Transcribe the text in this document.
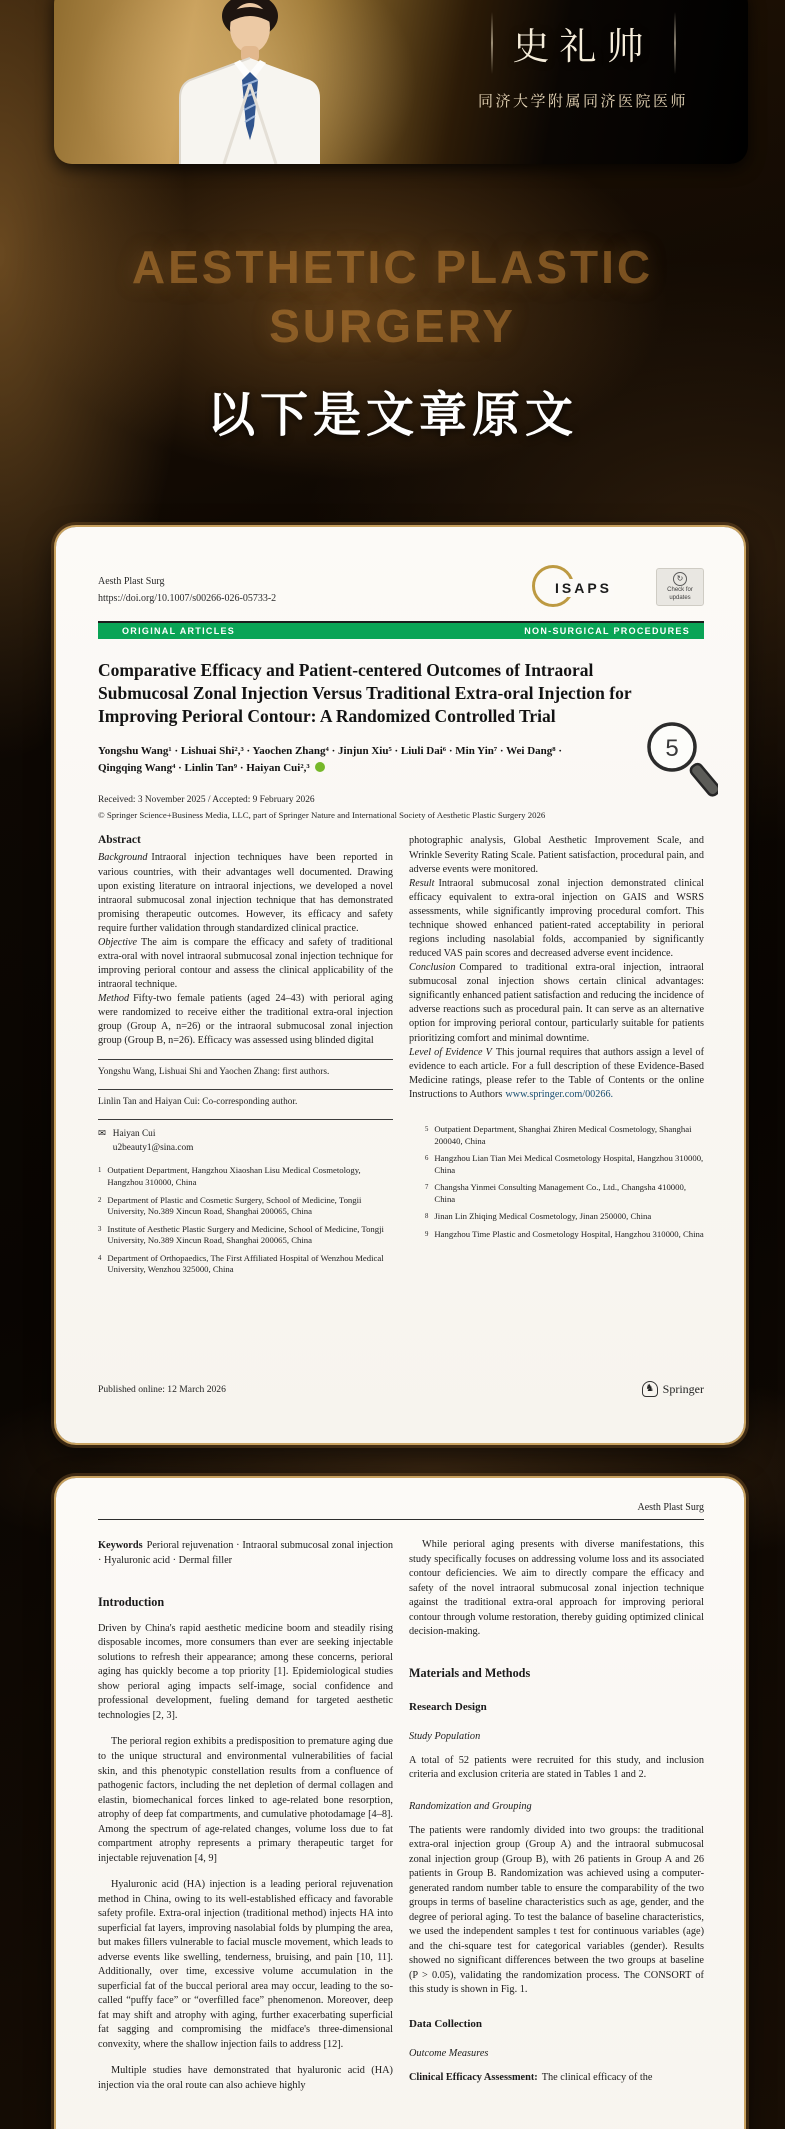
史礼帅
同济大学附属同济医院医师
AESTHETIC PLASTIC
SURGERY
以下是文章原文
Aesth Plast Surg
https://doi.org/10.1007/s00266-026-05733-2
ISAPS
↻
Check for
updates
ORIGINAL ARTICLES	NON-SURGICAL PROCEDURES
Comparative Efficacy and Patient-centered Outcomes of Intraoral Submucosal Zonal Injection Versus Traditional Extra-oral Injection for Improving Perioral Contour: A Randomized Controlled Trial
5

Yongshu Wang¹ · Lishuai Shi²,³ · Yaochen Zhang⁴ · Jinjun Xiu⁵ · Liuli Dai⁶ · Min Yin⁷ · Wei Dang⁸ · Qingqing Wang⁴ · Linlin Tan⁹ · Haiyan Cui²,³

Received: 3 November 2025 / Accepted: 9 February 2026
© Springer Science+Business Media, LLC, part of Springer Nature and International Society of Aesthetic Plastic Surgery 2026
Abstract

Background Intraoral injection techniques have been reported in various countries, with their advantages well documented. Drawing upon existing literature on intraoral injections, we developed a novel intraoral submucosal zonal injection technique that has demonstrated promising therapeutic outcomes. However, its efficacy and safety require further validation through standardized clinical practice.

Objective The aim is compare the efficacy and safety of traditional extra-oral with novel intraoral submucosal zonal injection technique for improving perioral contour and assess the clinical applicability of the intraoral technique.

Method Fifty-two female patients (aged 24–43) with perioral aging were randomized to receive either the traditional extra-oral injection group (Group A, n=26) or the intraoral submucosal zonal injection group (Group B, n=26). Efficacy was assessed using blinded digital

Yongshu Wang, Lishuai Shi and Yaochen Zhang: first authors.
Linlin Tan and Haiyan Cui: Co-corresponding author.
✉ Haiyan Cui
u2beauty1@sina.com
1 Outpatient Department, Hangzhou Xiaoshan Lisu Medical Cosmetology, Hangzhou 310000, China
2 Department of Plastic and Cosmetic Surgery, School of Medicine, Tongii University, No.389 Xincun Road, Shanghai 200065, China
3 Institute of Aesthetic Plastic Surgery and Medicine, School of Medicine, Tongji University, No.389 Xincun Road, Shanghai 200065, China
4 Department of Orthopaedics, The First Affiliated Hospital of Wenzhou Medical University, Wenzhou 325000, China

photographic analysis, Global Aesthetic Improvement Scale, and Wrinkle Severity Rating Scale. Patient satisfaction, procedural pain, and adverse events were monitored.

Result Intraoral submucosal zonal injection demonstrated clinical efficacy equivalent to extra-oral injection on GAIS and WSRS assessments, while significantly improving procedural comfort. This technique showed enhanced patient-rated acceptability in perioral regions including nasolabial folds, accompanied by significantly reduced VAS pain scores and decreased adverse event incidence.

Conclusion Compared to traditional extra-oral injection, intraoral submucosal zonal injection shows certain clinical advantages: significantly enhanced patient satisfaction and reducing the incidence of adverse reactions such as procedural pain. It can serve as an alternative option for improving perioral contour, particularly suitable for patients prioritizing comfort and minimal downtime.

Level of Evidence V This journal requires that authors assign a level of evidence to each article. For a full description of these Evidence-Based Medicine ratings, please refer to the Table of Contents or the online Instructions to Authors www.springer.com/00266.

5 Outpatient Department, Shanghai Zhiren Medical Cosmetology, Shanghai 200040, China
6 Hangzhou Lian Tian Mei Medical Cosmetology Hospital, Hangzhou 310000, China
7 Changsha Yinmei Consulting Management Co., Ltd., Changsha 410000, China
8 Jinan Lin Zhiqing Medical Cosmetology, Jinan 250000, China
9 Hangzhou Time Plastic and Cosmetology Hospital, Hangzhou 310000, China
Published online: 12 March 2026	♞ Springer
Aesth Plast Surg

Keywords Perioral rejuvenation · Intraoral submucosal zonal injection · Hyaluronic acid · Dermal filler

Introduction

Driven by China's rapid aesthetic medicine boom and steadily rising disposable incomes, more consumers than ever are seeking injectable solutions to refresh their appearance; among these concerns, perioral aging has quickly become a top priority [1]. Epidemiological studies show perioral aging impacts self-image, social confidence and professional development, fueling demand for targeted aesthetic technologies [2, 3].

The perioral region exhibits a predisposition to premature aging due to the unique structural and environmental vulnerabilities of facial skin, and this phenotypic constellation results from a confluence of pathogenic factors, including the net depletion of dermal collagen and elastin, biomechanical forces linked to age-related bone resorption, atrophy of deep fat compartments, and cumulative photodamage [4–8]. Among the spectrum of age-related changes, volume loss due to fat compartment atrophy represents a primary therapeutic target for injectable rejuvenation [4, 9]

Hyaluronic acid (HA) injection is a leading perioral rejuvenation method in China, owing to its well-established efficacy and favorable safety profile. Extra-oral injection (traditional method) injects HA into superficial fat layers, improving nasolabial folds by plumping the area, but makes fillers vulnerable to facial muscle movement, which leads to adverse events like swelling, tenderness, bruising, and pain [10, 11]. Additionally, over time, excessive volume accumulation in the superficial fat of the buccal perioral area may occur, leading to the so-called “puffy face” or “overfilled face” phenomenon. Moreover, deep fat may shift and atrophy with aging, further exacerbating superficial fat sagging and compromising the midface's three-dimensional convexity, where the shallow injection fails to address [12].

Multiple studies have demonstrated that hyaluronic acid (HA) injection via the oral route can also achieve highly

While perioral aging presents with diverse manifestations, this study specifically focuses on addressing volume loss and its associated contour deficiencies. We aim to directly compare the efficacy and safety of the novel intraoral submucosal zonal injection technique against the traditional extra-oral approach for improving perioral contour through volume restoration, thereby guiding optimized clinical decision-making.

Materials and Methods
Research Design
Study Population

A total of 52 patients were recruited for this study, and inclusion criteria and exclusion criteria are stated in Tables 1 and 2.

Randomization and Grouping

The patients were randomly divided into two groups: the traditional extra-oral injection group (Group A) and the intraoral submucosal zonal injection group (Group B), with 26 patients in Group A and 26 patients in Group B. Randomization was achieved using a computer-generated random number table to ensure the comparability of the two groups in terms of baseline characteristics such as age, gender, and the degree of perioral aging. To test the balance of baseline characteristics, we used the independent samples t test for continuous variables (age) and the chi-square test for categorical variables (gender). Results showed no significant differences between the two groups at baseline (P > 0.05), validating the randomization process. The CONSORT of this study is shown in Fig. 1.

Data Collection
Outcome Measures

Clinical Efficacy Assessment: The clinical efficacy of the
